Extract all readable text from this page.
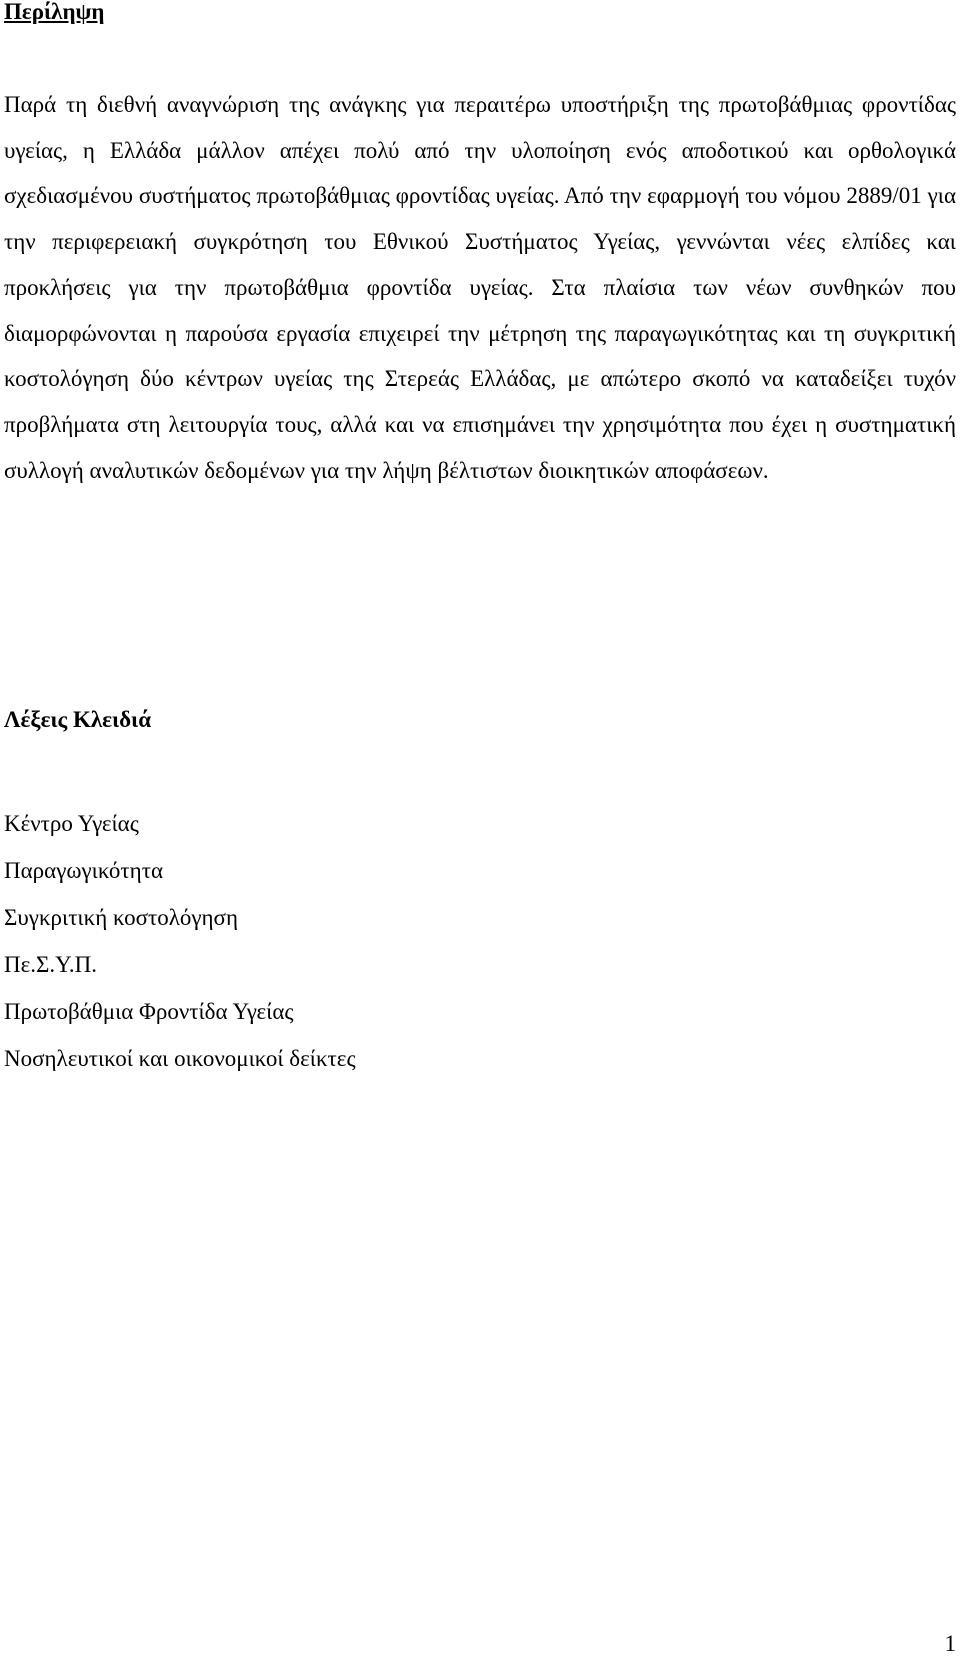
Περίληψη

Παρά τη διεθνή αναγνώριση της ανάγκης για περαιτέρω υποστήριξη της πρωτοβάθμιας φροντίδας υγείας, η Ελλάδα μάλλον απέχει πολύ από την υλοποίηση ενός αποδοτικού και ορθολογικά σχεδιασμένου συστήματος πρωτοβάθμιας φροντίδας υγείας. Από την εφαρμογή του νόμου 2889/01 για την περιφερειακή συγκρότηση του Εθνικού Συστήματος Υγείας, γεννώνται νέες ελπίδες και προκλήσεις για την πρωτοβάθμια φροντίδα υγείας. Στα πλαίσια των νέων συνθηκών που διαμορφώνονται η παρούσα εργασία επιχειρεί την μέτρηση της παραγωγικότητας και τη συγκριτική κοστολόγηση δύο κέντρων υγείας της Στερεάς Ελλάδας, με απώτερο σκοπό να καταδείξει τυχόν προβλήματα στη λειτουργία τους, αλλά και να επισημάνει την χρησιμότητα που έχει η συστηματική συλλογή αναλυτικών δεδομένων για την λήψη βέλτιστων διοικητικών αποφάσεων.

Λέξεις Κλειδιά
Κέντρο Υγείας
Παραγωγικότητα
Συγκριτική κοστολόγηση
Πε.Σ.Υ.Π.
Πρωτοβάθμια Φροντίδα Υγείας
Νοσηλευτικοί και οικονομικοί δείκτες
1
